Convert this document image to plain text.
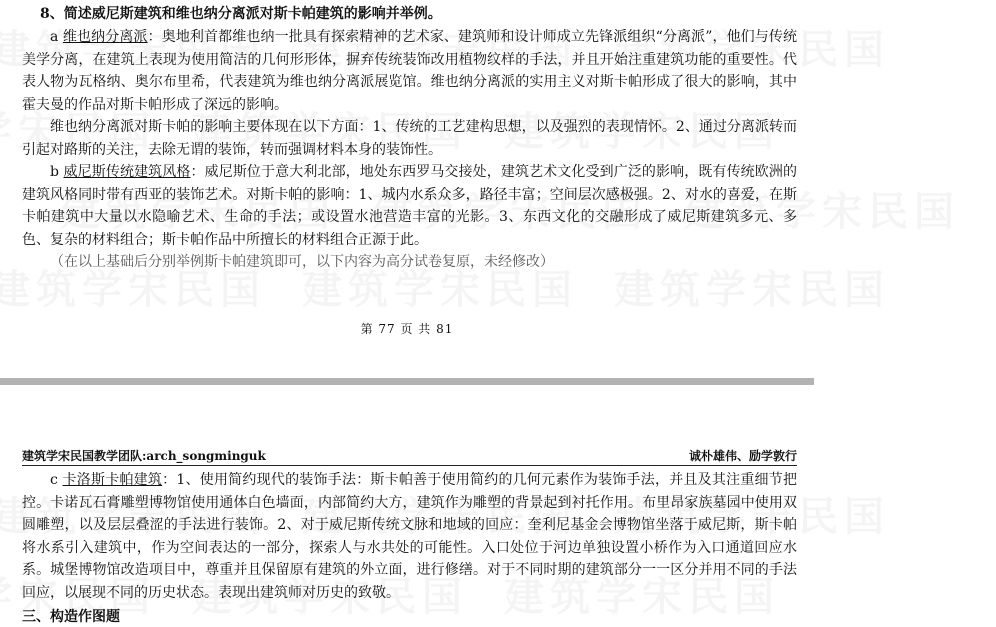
8、简述威尼斯建筑和维也纳分离派对斯卡帕建筑的影响并举例。

a 维也纳分离派：奥地利首都维也纳一批具有探索精神的艺术家、建筑师和设计师成立先锋派组织“分离派”，他们与传统美学分离，在建筑上表现为使用简洁的几何形形体，摒弃传统装饰改用植物纹样的手法，并且开始注重建筑功能的重要性。代表人物为瓦格纳、奥尔布里希，代表建筑为维也纳分离派展览馆。维也纳分离派的实用主义对斯卡帕形成了很大的影响，其中霍夫曼的作品对斯卡帕形成了深远的影响。

维也纳分离派对斯卡帕的影响主要体现在以下方面：1、传统的工艺建构思想，以及强烈的表现情怀。2、通过分离派转而引起对路斯的关注，去除无谓的装饰，转而强调材料本身的装饰性。

b 威尼斯传统建筑风格：威尼斯位于意大利北部，地处东西罗马交接处，建筑艺术文化受到广泛的影响，既有传统欧洲的建筑风格同时带有西亚的装饰艺术。对斯卡帕的影响：1、城内水系众多，路径丰富；空间层次感极强。2、对水的喜爱，在斯卡帕建筑中大量以水隐喻艺术、生命的手法；或设置水池营造丰富的光影。3、东西文化的交融形成了威尼斯建筑多元、多色、复杂的材料组合；斯卡帕作品中所擅长的材料组合正源于此。

（在以上基础后分别举例斯卡帕建筑即可，以下内容为高分试卷复原，未经修改）

第 77 页 共 81
建筑学宋民国教学团队:arch_songminguk	诚朴雄伟、励学敦行

c 卡洛斯卡帕建筑：1、使用简约现代的装饰手法：斯卡帕善于使用简约的几何元素作为装饰手法，并且及其注重细节把控。卡诺瓦石膏雕塑博物馆使用通体白色墙面，内部简约大方，建筑作为雕塑的背景起到衬托作用。布里昂家族墓园中使用双圆雕塑，以及层层叠涩的手法进行装饰。2、对于威尼斯传统文脉和地域的回应：奎利尼基金会博物馆坐落于威尼斯，斯卡帕将水系引入建筑中，作为空间表达的一部分，探索人与水共处的可能性。入口处位于河边单独设置小桥作为入口通道回应水系。城堡博物馆改造项目中，尊重并且保留原有建筑的外立面，进行修缮。对于不同时期的建筑部分一一区分并用不同的手法回应，以展现不同的历史状态。表现出建筑师对历史的致敬。

三、构造作图题
